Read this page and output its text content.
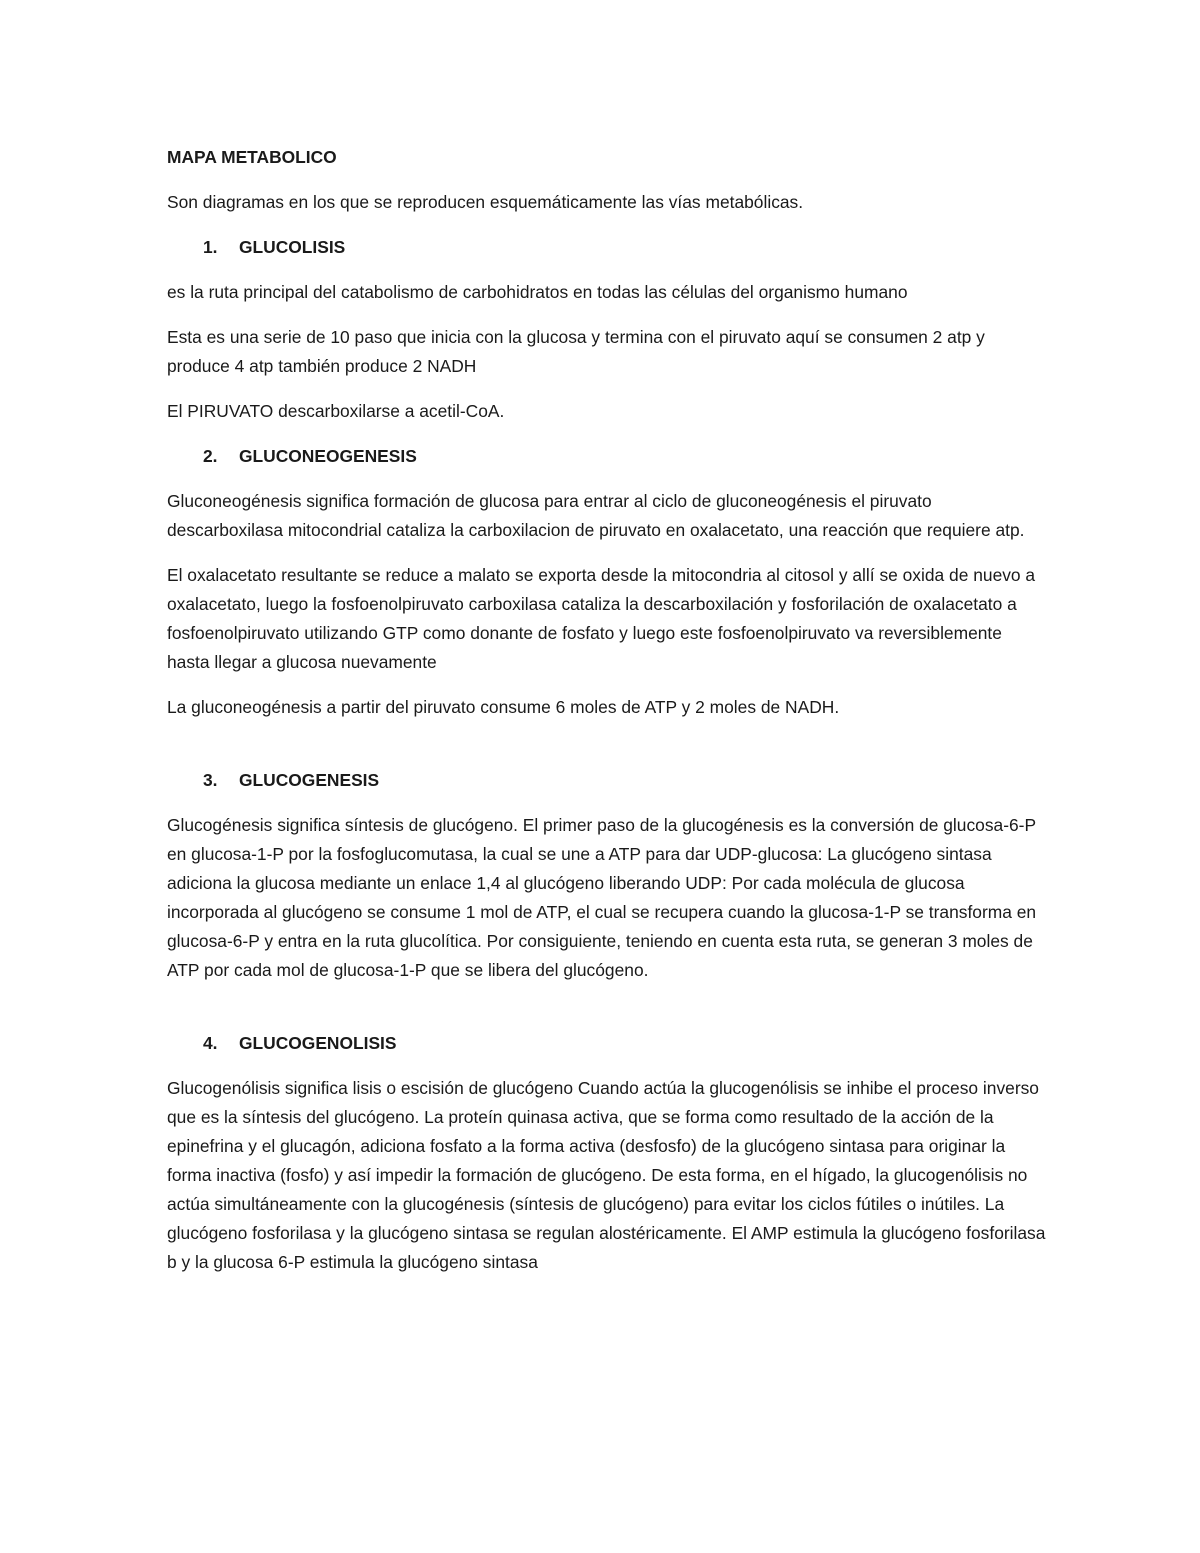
MAPA METABOLICO

Son diagramas en los que se reproducen esquemáticamente las vías metabólicas.

1.	GLUCOLISIS

es la ruta principal del catabolismo de carbohidratos en todas las células del organismo humano

Esta es una serie de 10 paso que inicia con la glucosa y termina con el piruvato aquí se consumen 2 atp y produce 4 atp también produce 2 NADH

El PIRUVATO descarboxilarse a acetil-CoA.

2.	GLUCONEOGENESIS

Gluconeogénesis significa formación de glucosa para entrar al ciclo de gluconeogénesis el piruvato descarboxilasa mitocondrial cataliza la carboxilacion de piruvato en oxalacetato, una reacción que requiere atp.

El oxalacetato resultante se reduce a malato se exporta desde la mitocondria al citosol y allí se oxida de nuevo a oxalacetato, luego la fosfoenolpiruvato carboxilasa cataliza la descarboxilación y fosforilación de oxalacetato a fosfoenolpiruvato utilizando GTP como donante de fosfato y luego este fosfoenolpiruvato va reversiblemente hasta llegar a glucosa nuevamente

La gluconeogénesis a partir del piruvato consume 6 moles de ATP y 2 moles de NADH.

3.	GLUCOGENESIS

Glucogénesis significa síntesis de glucógeno. El primer paso de la glucogénesis es la conversión de glucosa-6-P en glucosa-1-P por la fosfoglucomutasa, la cual se une a ATP para dar UDP-glucosa: La glucógeno sintasa adiciona la glucosa mediante un enlace 1,4 al glucógeno liberando UDP: Por cada molécula de glucosa incorporada al glucógeno se consume 1 mol de ATP, el cual se recupera cuando la glucosa-1-P se transforma en glucosa-6-P y entra en la ruta glucolítica. Por consiguiente, teniendo en cuenta esta ruta, se generan 3 moles de ATP por cada mol de glucosa-1-P que se libera del glucógeno.

4.	GLUCOGENOLISIS

Glucogenólisis significa lisis o escisión de glucógeno Cuando actúa la glucogenólisis se inhibe el proceso inverso que es la síntesis del glucógeno. La proteín quinasa activa, que se forma como resultado de la acción de la epinefrina y el glucagón, adiciona fosfato a la forma activa (desfosfo) de la glucógeno sintasa para originar la forma inactiva (fosfo) y así impedir la formación de glucógeno. De esta forma, en el hígado, la glucogenólisis no actúa simultáneamente con la glucogénesis (síntesis de glucógeno) para evitar los ciclos fútiles o inútiles. La glucógeno fosforilasa y la glucógeno sintasa se regulan alostéricamente. El AMP estimula la glucógeno fosforilasa b y la glucosa 6-P estimula la glucógeno sintasa
